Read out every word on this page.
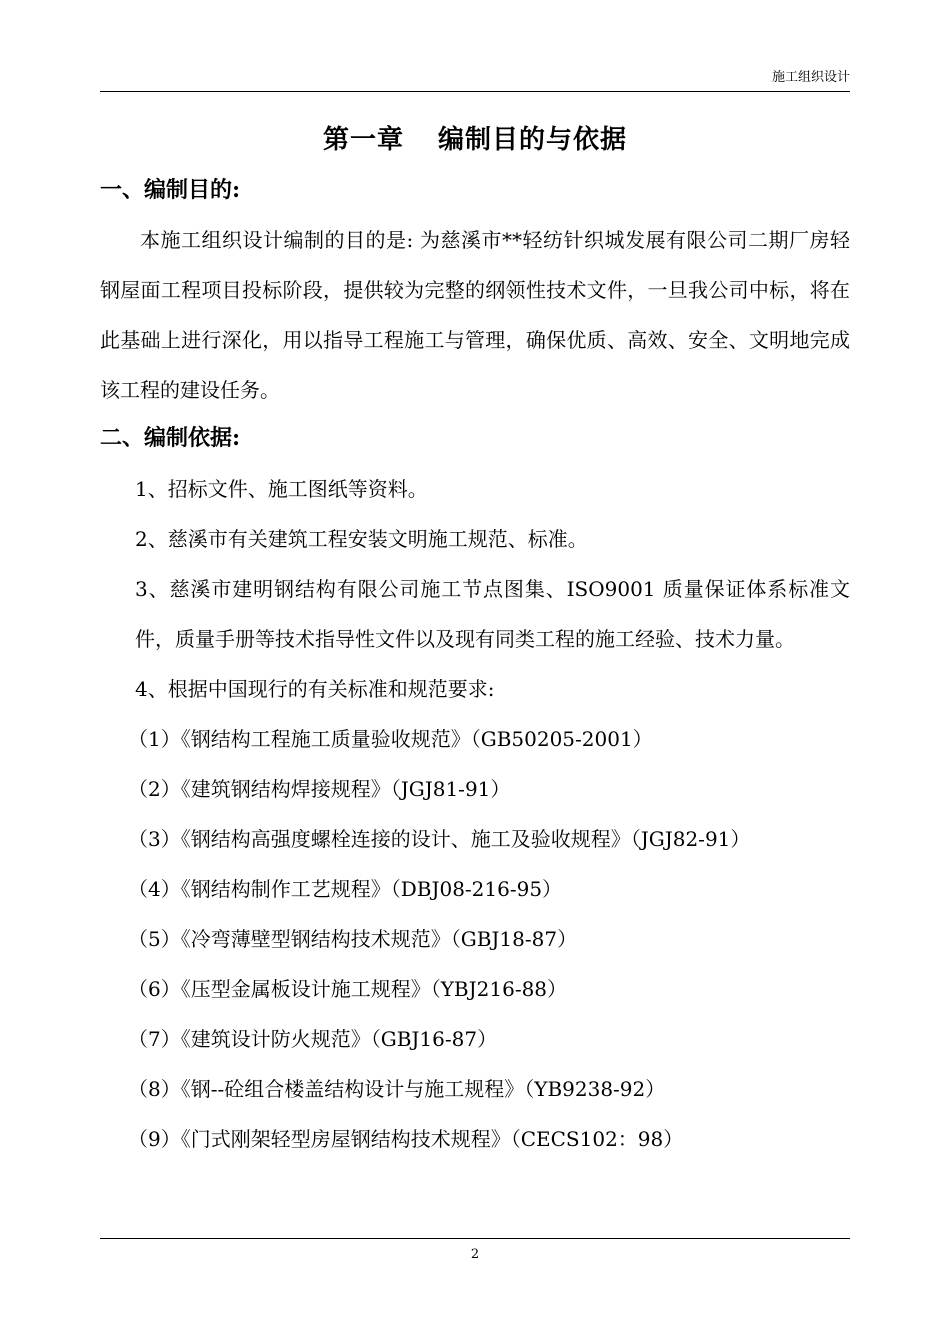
施工组织设计
第一章 编制目的与依据
一、编制目的:
本施工组织设计编制的目的是: 为慈溪市**轻纺针织城发展有限公司二期厂房轻钢屋面工程项目投标阶段，提供较为完整的纲领性技术文件，一旦我公司中标，将在此基础上进行深化，用以指导工程施工与管理，确保优质、高效、安全、文明地完成该工程的建设任务。
二、编制依据:
1、招标文件、施工图纸等资料。
2、慈溪市有关建筑工程安装文明施工规范、标准。
3、慈溪市建明钢结构有限公司施工节点图集、ISO9001 质量保证体系标准文件，质量手册等技术指导性文件以及现有同类工程的施工经验、技术力量。
4、根据中国现行的有关标准和规范要求:
（1）《钢结构工程施工质量验收规范》（GB50205-2001）
（2）《建筑钢结构焊接规程》（JGJ81-91）
（3）《钢结构高强度螺栓连接的设计、施工及验收规程》（JGJ82-91）
（4）《钢结构制作工艺规程》（DBJ08-216-95）
（5）《冷弯薄壁型钢结构技术规范》（GBJ18-87）
（6）《压型金属板设计施工规程》（YBJ216-88）
（7）《建筑设计防火规范》（GBJ16-87）
（8）《钢--砼组合楼盖结构设计与施工规程》（YB9238-92）
（9）《门式刚架轻型房屋钢结构技术规程》（CECS102：98）
2
